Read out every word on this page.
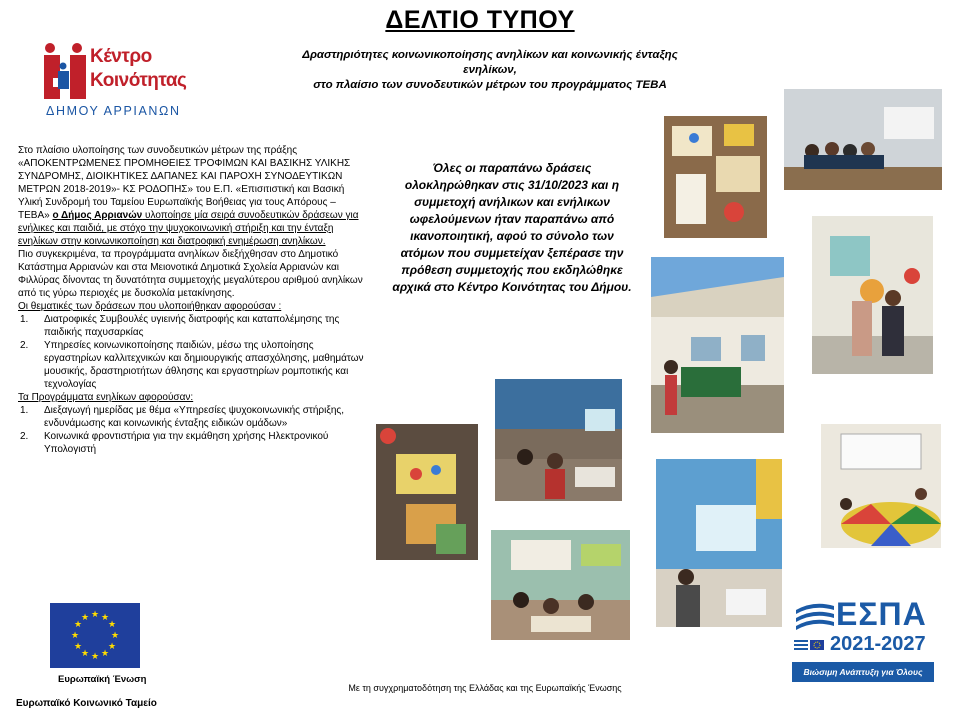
ΔΕΛΤΙΟ ΤΥΠΟΥ
Δραστηριότητες κοινωνικοποίησης ανηλίκων και κοινωνικής ένταξης
ενηλίκων,
στο πλαίσιο των συνοδευτικών μέτρων του προγράμματος ΤΕΒΑ
Κέντρο
Κοινότητας
ΔΗΜΟΥ ΑΡΡΙΑΝΩΝ

Στο πλαίσιο υλοποίησης των συνοδευτικών μέτρων της πράξης «ΑΠΟΚΕΝΤΡΩΜΕΝΕΣ ΠΡΟΜΗΘΕΙΕΣ ΤΡΟΦΙΜΩΝ ΚΑΙ ΒΑΣΙΚΗΣ ΥΛΙΚΗΣ ΣΥΝΔΡΟΜΗΣ, ΔΙΟΙΚΗΤΙΚΕΣ ΔΑΠΑΝΕΣ ΚΑΙ ΠΑΡΟΧΗ ΣΥΝΟΔΕΥΤΙΚΩΝ ΜΕΤΡΩΝ 2018-2019»- ΚΣ ΡΟΔΟΠΗΣ» του Ε.Π. «Επισιτιστική και Βασική Υλική Συνδρομή του Ταμείου Ευρωπαϊκής Βοήθειας για τους Απόρους – ΤΕΒΑ» ο Δήμος Αρριανών υλοποίησε μία σειρά συνοδευτικών δράσεων για ενήλικες και παιδιά, με στόχο την ψυχοκοινωνική στήριξη και την ένταξη ενηλίκων στην κοινωνικοποίηση και διατροφική ενημέρωση ανηλίκων.

Πιο συγκεκριμένα, τα προγράμματα ανηλίκων διεξήχθησαν στο Δημοτικό Κατάστημα Αρριανών και στα Μειονοτικά Δημοτικά Σχολεία Αρριανών και Φιλλύρας δίνοντας τη δυνατότητα συμμετοχής μεγαλύτερου αριθμού ανηλίκων από τις γύρω περιοχές με δυσκολία μετακίνησης.

Οι θεματικές των δράσεων που υλοποιήθηκαν αφορούσαν :

1. Διατροφικές Συμβουλές υγιεινής διατροφής και καταπολέμησης της παιδικής παχυσαρκίας
2. Υπηρεσίες κοινωνικοποίησης παιδιών, μέσω της υλοποίησης εργαστηρίων καλλιτεχνικών και δημιουργικής απασχόλησης, μαθημάτων μουσικής, δραστηριοτήτων άθλησης και εργαστηρίων ρομποτικής και τεχνολογίας

Τα Προγράμματα ενηλίκων αφορούσαν:

1. Διεξαγωγή ημερίδας με θέμα «Υπηρεσίες ψυχοκοινωνικής στήριξης, ενδυνάμωσης και κοινωνικής ένταξης ειδικών ομάδων»
2. Κοινωνικά φροντιστήρια για την εκμάθηση χρήσης Ηλεκτρονικού Υπολογιστή
Όλες οι παραπάνω δράσεις ολοκληρώθηκαν στις 31/10/2023 και η συμμετοχή ανήλικων και ενήλικων ωφελούμενων ήταν παραπάνω από ικανοποιητική, αφού το σύνολο των ατόμων που συμμετείχαν ξεπέρασε την πρόθεση συμμετοχής που εκδηλώθηκε αρχικά στο Κέντρο Κοινότητας του Δήμου.
★ ★
★
★
★
★
★
★
★
★
★
★
Ευρωπαϊκή Ένωση
Ευρωπαϊκό Κοινωνικό Ταμείο
Με τη συγχρηματοδότηση της Ελλάδας και της Ευρωπαϊκής Ένωσης
ΕΣΠΑ
2021-2027
Βιώσιμη Ανάπτυξη για Όλους
